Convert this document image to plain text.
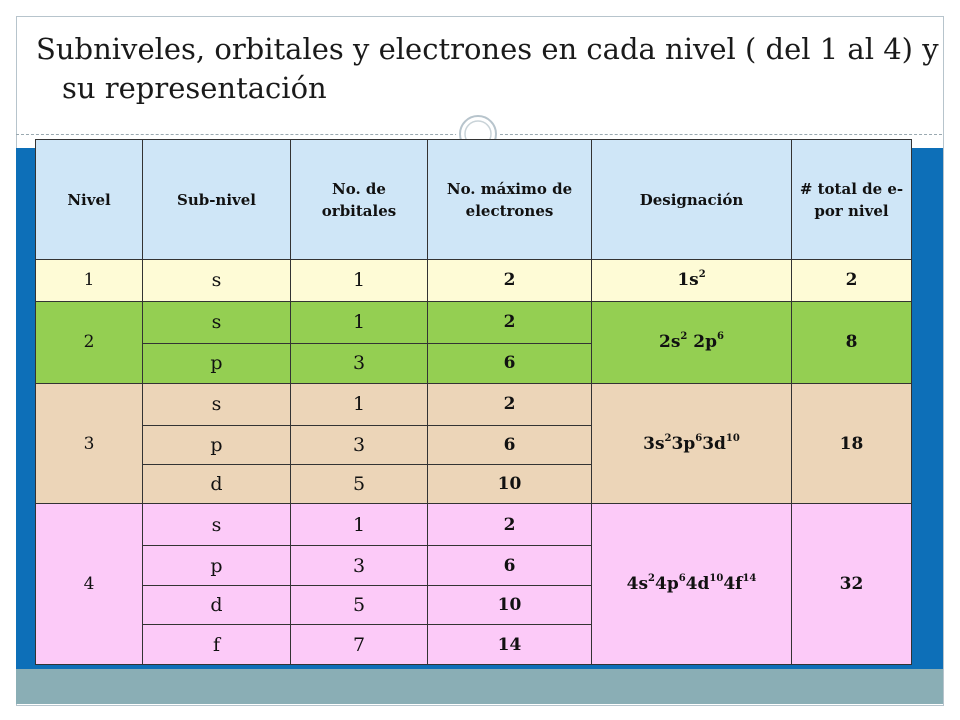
Subniveles, orbitales y electrones en cada nivel ( del 1 al 4) y su representación
Nivel	Sub-nivel	No. de orbitales	No. máximo de electrones	Designación	# total de e- por nivel
1	s	1	2	$1s^2$	2
2	s	1	2	$2s^2$ $2p^6$	8
	p	3	6		
3	s	1	2	$3s^23p^63d^{10}$	18
	p	3	6		
	d	5	10		
4	s	1	2	$4s^24p^64d^{10}4f^{14}$	32
	p	3	6		
	d	5	10		
	f	7	14		
